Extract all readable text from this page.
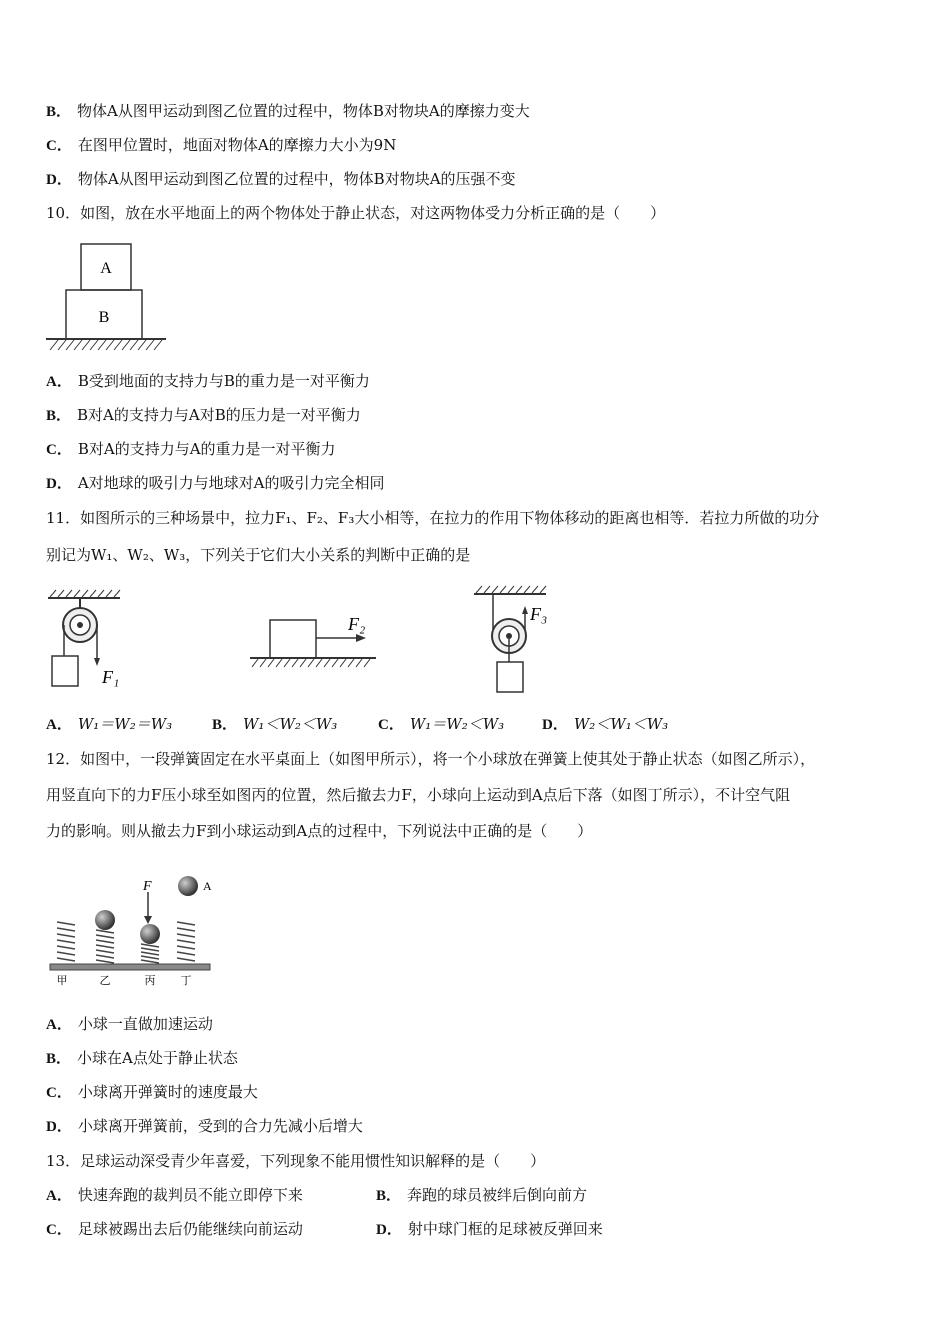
B． 物体A从图甲运动到图乙位置的过程中，物体B对物块A的摩擦力变大
C． 在图甲位置时，地面对物体A的摩擦力大小为9N
D． 物体A从图甲运动到图乙位置的过程中，物体B对物块A的压强不变
10．如图，放在水平地面上的两个物体处于静止状态，对这两物体受力分析正确的是（　　）
A
B
A． B受到地面的支持力与B的重力是一对平衡力
B． B对A的支持力与A对B的压力是一对平衡力
C． B对A的支持力与A的重力是一对平衡力
D． A对地球的吸引力与地球对A的吸引力完全相同
11．如图所示的三种场景中，拉力F₁、F₂、F₃大小相等，在拉力的作用下物体移动的距离也相等．若拉力所做的功分
别记为W₁、W₂、W₃，下列关于它们大小关系的判断中正确的是
F₁
F₂	F₃
A． W₁＝W₂＝W₃	B． W₁＜W₂＜W₃	C． W₁＝W₂＜W₃	D． W₂＜W₁＜W₃
12．如图中，一段弹簧固定在水平桌面上（如图甲所示），将一个小球放在弹簧上使其处于静止状态（如图乙所示），
用竖直向下的力F压小球至如图丙的位置，然后撤去力F，小球向上运动到A点后下落（如图丁所示），不计空气阻
力的影响。则从撤去力F到小球运动到A点的过程中，下列说法中正确的是（　　）
F	A
甲	乙	丙 丁
A． 小球一直做加速运动
B． 小球在A点处于静止状态
C． 小球离开弹簧时的速度最大
D． 小球离开弹簧前，受到的合力先减小后增大
13．足球运动深受青少年喜爱，下列现象不能用惯性知识解释的是（　　）
A． 快速奔跑的裁判员不能立即停下来	B． 奔跑的球员被绊后倒向前方
C． 足球被踢出去后仍能继续向前运动	D． 射中球门框的足球被反弹回来
